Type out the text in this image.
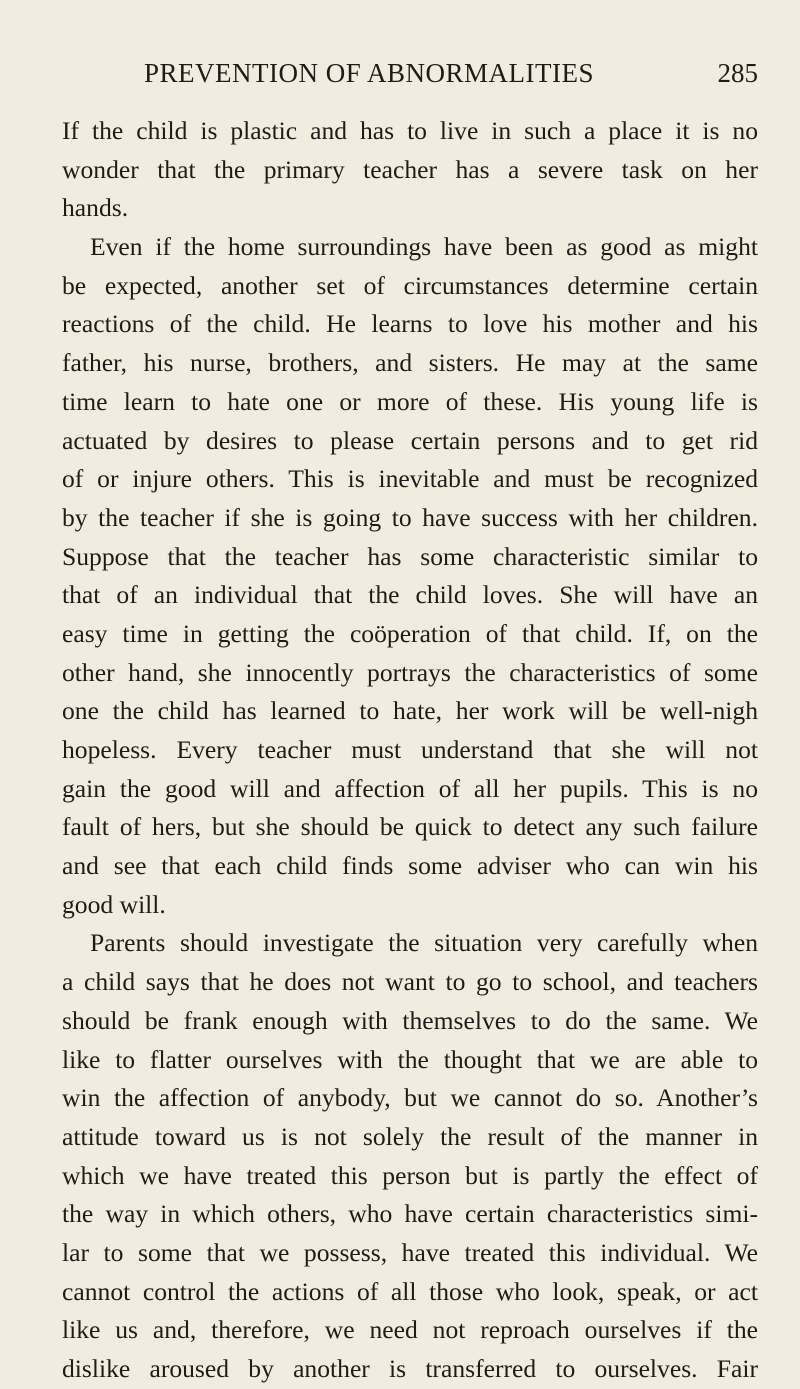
PREVENTION OF ABNORMALITIES	285
If the child is plastic and has to live in such a place it is no
wonder that the primary teacher has a severe task on her
hands.
Even if the home surroundings have been as good as might
be expected, another set of circumstances determine certain
reactions of the child. He learns to love his mother and his
father, his nurse, brothers, and sisters. He may at the same
time learn to hate one or more of these. His young life is
actuated by desires to please certain persons and to get rid
of or injure others. This is inevitable and must be recognized
by the teacher if she is going to have success with her children.
Suppose that the teacher has some characteristic similar to
that of an individual that the child loves. She will have an
easy time in getting the coöperation of that child. If, on the
other hand, she innocently portrays the characteristics of some
one the child has learned to hate, her work will be well-nigh
hopeless. Every teacher must understand that she will not
gain the good will and affection of all her pupils. This is no
fault of hers, but she should be quick to detect any such failure
and see that each child finds some adviser who can win his
good will.
Parents should investigate the situation very carefully when
a child says that he does not want to go to school, and teachers
should be frank enough with themselves to do the same. We
like to flatter ourselves with the thought that we are able to
win the affection of anybody, but we cannot do so. Another’s
attitude toward us is not solely the result of the manner in
which we have treated this person but is partly the effect of
the way in which others, who have certain characteristics simi-
lar to some that we possess, have treated this individual. We
cannot control the actions of all those who look, speak, or act
like us and, therefore, we need not reproach ourselves if the
dislike aroused by another is transferred to ourselves. Fair
